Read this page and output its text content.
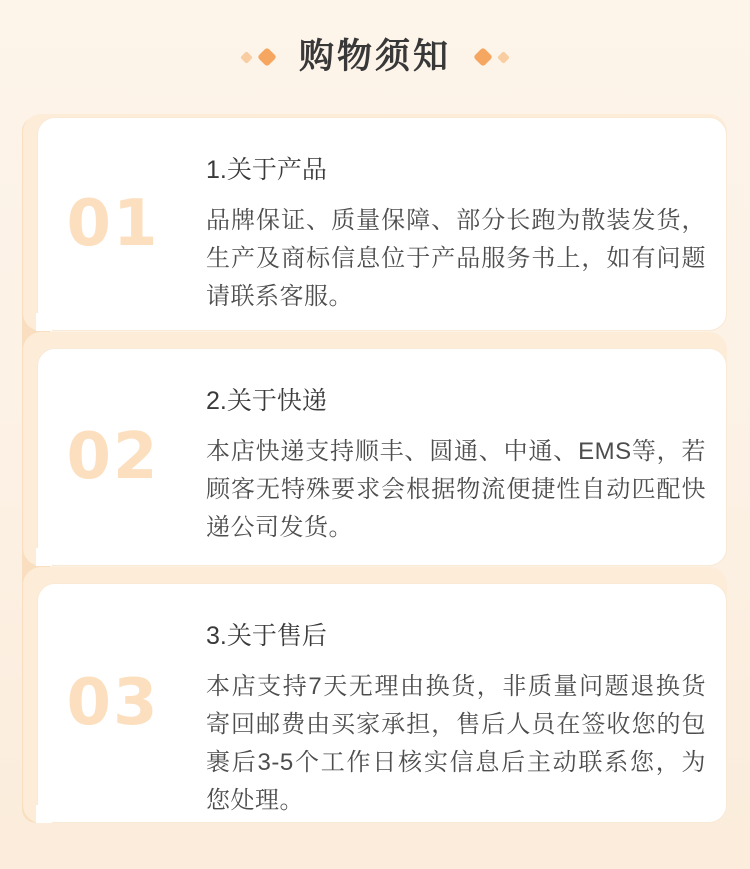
购物须知
01
1.关于产品

品牌保证、质量保障、部分长跑为散装发货，生产及商标信息位于产品服务书上，如有问题请联系客服。

02
2.关于快递

本店快递支持顺丰、圆通、中通、EMS等，若顾客无特殊要求会根据物流便捷性自动匹配快递公司发货。

03
3.关于售后

本店支持7天无理由换货，非质量问题退换货寄回邮费由买家承担，售后人员在签收您的包裹后3-5个工作日核实信息后主动联系您，为您处理。
